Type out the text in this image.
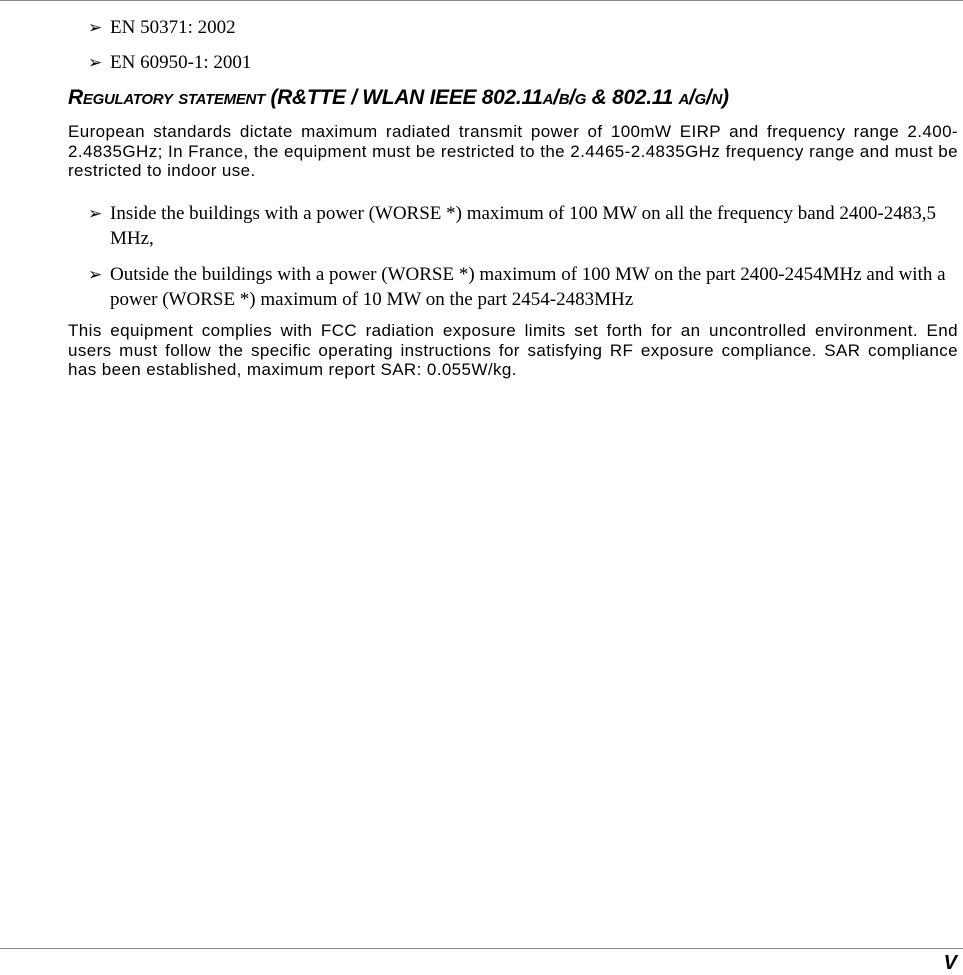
➢ EN 50371: 2002
➢ EN 60950-1: 2001
Regulatory statement (R&TTE / WLAN IEEE 802.11a/b/g & 802.11 a/g/n)
European standards dictate maximum radiated transmit power of 100mW EIRP and frequency range 2.400-2.4835GHz; In France, the equipment must be restricted to the 2.4465-2.4835GHz frequency range and must be restricted to indoor use.
➢ Inside the buildings with a power (WORSE *) maximum of 100 MW on all the frequency band 2400-2483,5 MHz,
➢ Outside the buildings with a power (WORSE *) maximum of 100 MW on the part 2400-2454MHz and with a power (WORSE *) maximum of 10 MW on the part 2454-2483MHz
This equipment complies with FCC radiation exposure limits set forth for an uncontrolled environment. End users must follow the specific operating instructions for satisfying RF exposure compliance. SAR compliance has been established, maximum report SAR: 0.055W/kg.
V
